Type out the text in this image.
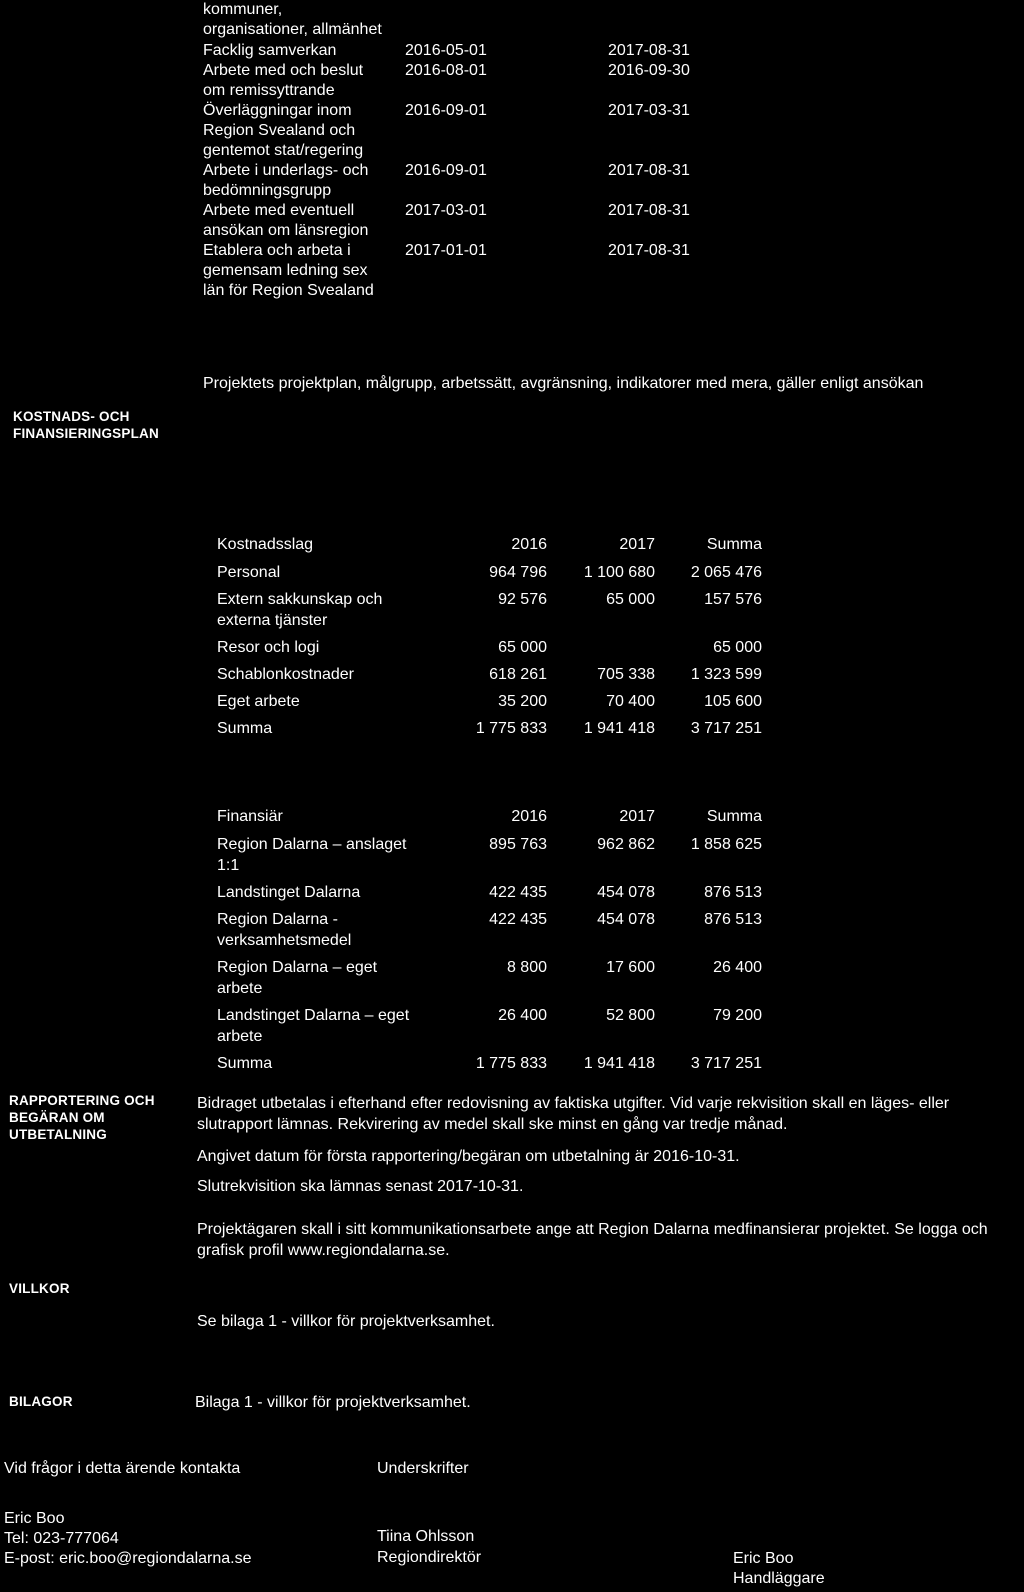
kommuner,
organisationer, allmänhet
Facklig samverkan	2016-05-01	2017-08-31
Arbete med och beslut
om remissyttrande	2016-08-01	2016-09-30
Överläggningar inom
Region Svealand och
gentemot stat/regering	2016-09-01	2017-03-31
Arbete i underlags- och
bedömningsgrupp	2016-09-01	2017-08-31
Arbete med eventuell
ansökan om länsregion	2017-03-01	2017-08-31
Etablera och arbeta i
gemensam ledning sex
län för Region Svealand	2017-01-01	2017-08-31
Projektets projektplan, målgrupp, arbetssätt, avgränsning, indikatorer med mera, gäller enligt ansökan
KOSTNADS- OCH
FINANSIERINGSPLAN
Kostnadsslag	2016	2017	Summa
Personal	964 796	1 100 680	2 065 476
Extern sakkunskap och
externa tjänster	92 576	65 000	157 576
Resor och logi	65 000		65 000
Schablonkostnader	618 261	705 338	1 323 599
Eget arbete	35 200	70 400	105 600
Summa	1 775 833	1 941 418	3 717 251
Finansiär	2016	2017	Summa
Region Dalarna – anslaget
1:1	895 763	962 862	1 858 625
Landstinget Dalarna	422 435	454 078	876 513
Region Dalarna -
verksamhetsmedel	422 435	454 078	876 513
Region Dalarna – eget
arbete	8 800	17 600	26 400
Landstinget Dalarna – eget
arbete	26 400	52 800	79 200
Summa	1 775 833	1 941 418	3 717 251
RAPPORTERING OCH
BEGÄRAN OM
UTBETALNING
Bidraget utbetalas i efterhand efter redovisning av faktiska utgifter. Vid varje rekvisition skall en läges- eller slutrapport lämnas. Rekvirering av medel skall ske minst en gång var tredje månad.
Angivet datum för första rapportering/begäran om utbetalning är 2016-10-31.
Slutrekvisition ska lämnas senast 2017-10-31.
Projektägaren skall i sitt kommunikationsarbete ange att Region Dalarna medfinansierar projektet. Se logga och grafisk profil www.regiondalarna.se.
VILLKOR
Se bilaga 1 - villkor för projektverksamhet.
BILAGOR	Bilaga 1 - villkor för projektverksamhet.
Vid frågor i detta ärende kontakta
Eric Boo
Tel: 023-777064
E-post: eric.boo@regiondalarna.se
Underskrifter
Tiina Ohlsson
Regiondirektör	Eric Boo
Handläggare
